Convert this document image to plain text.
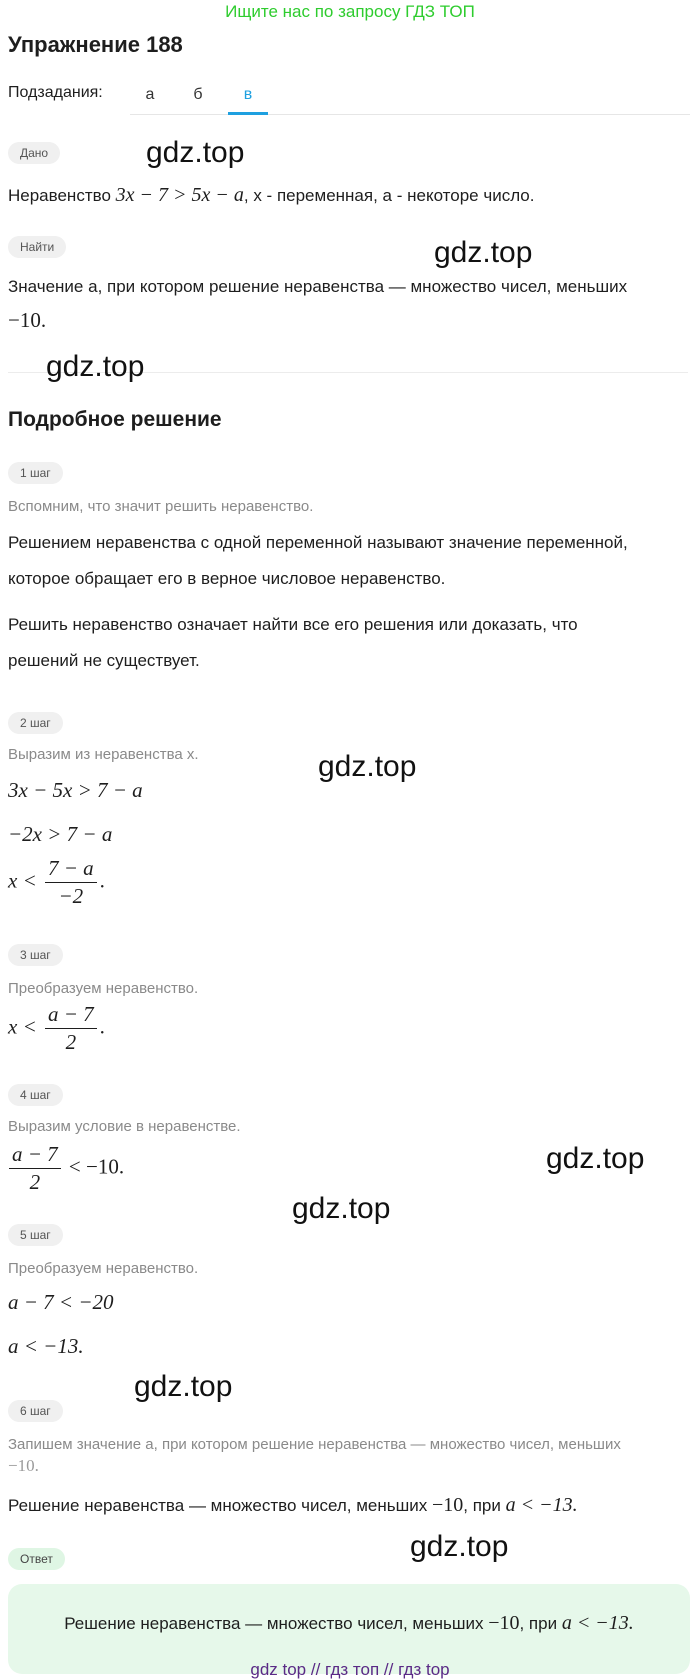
Ищите нас по запросу ГДЗ ТОП
Упражнение 188
Подзадания:	а	б	в
Дано
Неравенство 3x − 7 > 5x − a, x - переменная, a - некоторе число.
Найти
Значение a, при котором решение неравенства — множество чисел, меньших
−10.
Подробное решение
1 шаг
Вспомним, что значит решить неравенство.
Решением неравенства с одной переменной называют значение переменной,
которое обращает его в верное числовое неравенство.
Решить неравенство означает найти все его решения или доказать, что
решений не существует.
2 шаг
Выразим из неравенства x.
3x − 5x > 7 − a
−2x > 7 − a
$x < \frac{7 - a}{-2}$ .
3 шаг
Преобразуем неравенство.
$x < \frac{a - 7}{2}$ .
4 шаг
Выразим условие в неравенстве.
$\frac{a - 7}{2} < -10$.
5 шаг
Преобразуем неравенство.
a − 7 < −20
a < −13.
6 шаг
Запишем значение a, при котором решение неравенства — множество чисел, меньших
−10.
Решение неравенства — множество чисел, меньших −10, при a < −13.
Ответ
Решение неравенства — множество чисел, меньших −10, при a < −13.
gdz.top
gdz.top
gdz.top
gdz.top
gdz.top
gdz.top
gdz.top
gdz.top
gdz top // гдз топ // гдз top
